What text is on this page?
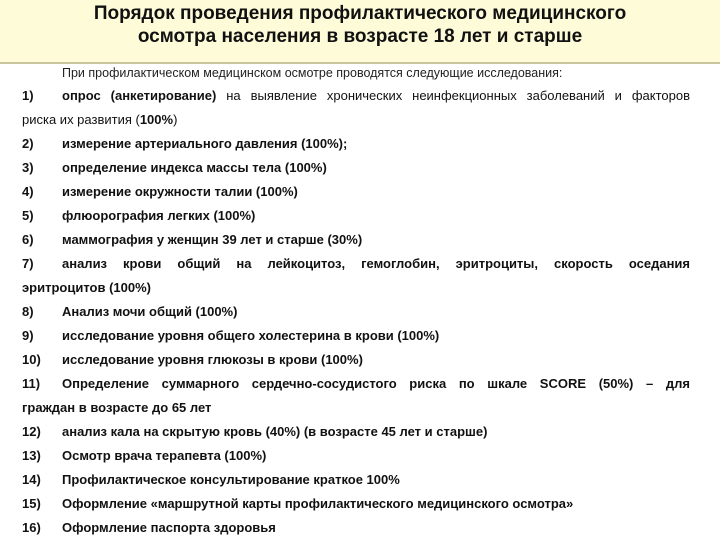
Порядок проведения профилактического медицинского
осмотра населения в возрасте 18 лет и старше
При профилактическом медицинском осмотре проводятся следующие исследования:
1)	опрос (анкетирование) на выявление хронических неинфекционных заболеваний и факторов
риска их развития (100%)
2)	измерение артериального давления (100%);
3)	определение индекса массы тела (100%)
4)	измерение окружности талии (100%)
5)	флюорография легких (100%)
6)	маммография у женщин 39 лет и старше (30%)
7)	анализ крови общий на лейкоцитоз, гемоглобин, эритроциты, скорость оседания
эритроцитов (100%)
8)	Анализ мочи общий (100%)
9)	исследование уровня общего холестерина в крови (100%)
10)	исследование уровня глюкозы в крови (100%)
11)	Определение суммарного сердечно-сосудистого риска по шкале SCORE (50%) – для
граждан в возрасте до 65 лет
12)	анализ кала на скрытую кровь (40%) (в возрасте 45 лет и старше)
13)	Осмотр врача терапевта (100%)
14)	Профилактическое консультирование краткое 100%
15)	Оформление «маршрутной карты профилактического медицинского осмотра»
16)	Оформление паспорта здоровья
